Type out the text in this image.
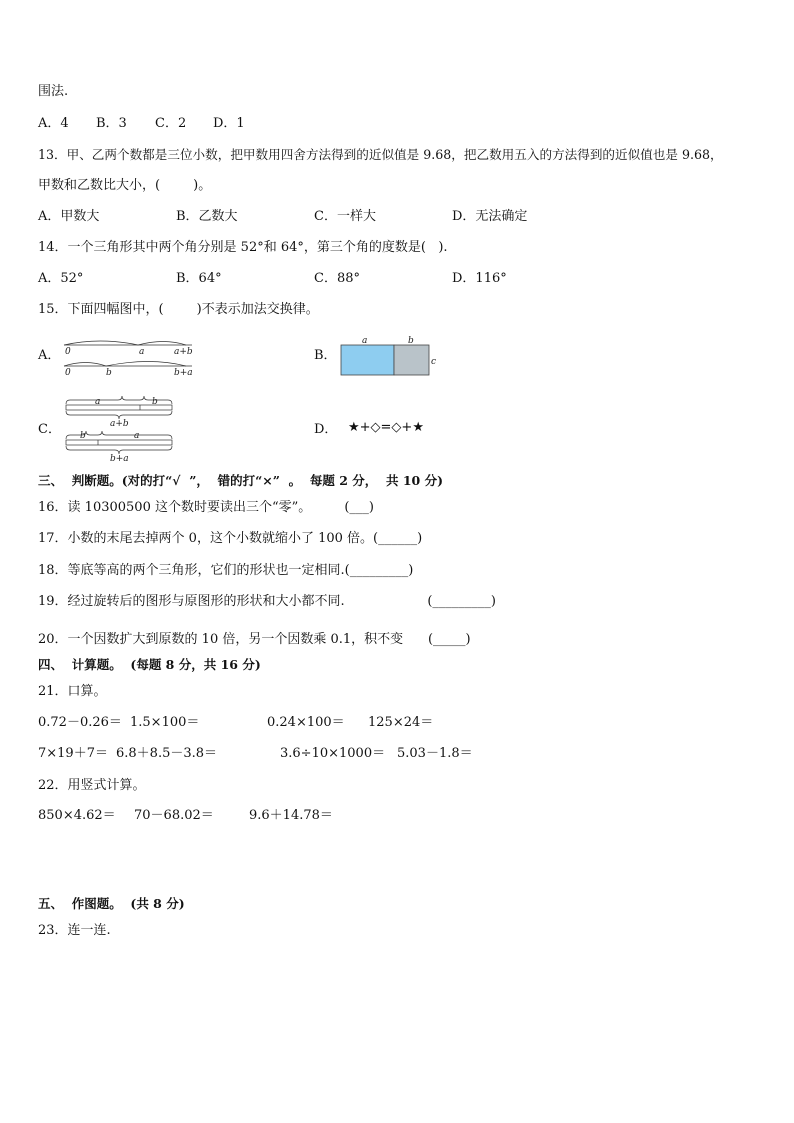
围法.
A．4 B．3 C．2 D．1
13．甲、乙两个数都是三位小数，把甲数用四舍方法得到的近似值是 9.68，把乙数用五入的方法得到的近似值也是 9.68，
甲数和乙数比大小，(        )。
A．甲数大	B．乙数大	C．一样大	D．无法确定
14．一个三角形其中两个角分别是 52°和 64°，第三个角的度数是(   ).
A．52°	B．64°	C．88°	D．116°
15．下面四幅图中，(        )不表示加法交换律。
A． 0	a	a+b
0	b	b+a
B．
a	b
c
C．
a	b
a+b
b	a
b+a
D． ★+◇=◇+★
三、  判断题。(对的打“√  ”，  错的打“×”  。  每题 2 分，  共 10 分)
16．读 10300500 这个数时要读出三个“零”。        (___)
17．小数的末尾去掉两个 0，这个小数就缩小了 100 倍。(______)
18．等底等高的两个三角形，它们的形状也一定相同.(_________)
19．经过旋转后的图形与原图形的形状和大小都不同.                    (_________)
20．一个因数扩大到原数的 10 倍，另一个因数乘 0.1，积不变      (_____)
四、  计算题。  (每题 8 分，共 16 分)
21．口算。
0.72－0.26＝ 1.5×100＝	0.24×100＝ 125×24＝
7×19＋7＝ 6.8＋8.5－3.8＝	3.6÷10×1000＝ 5.03－1.8＝
22．用竖式计算。
850×4.62＝ 70－68.02＝	9.6＋14.78＝
五、  作图题。  (共 8 分)
23．连一连.
